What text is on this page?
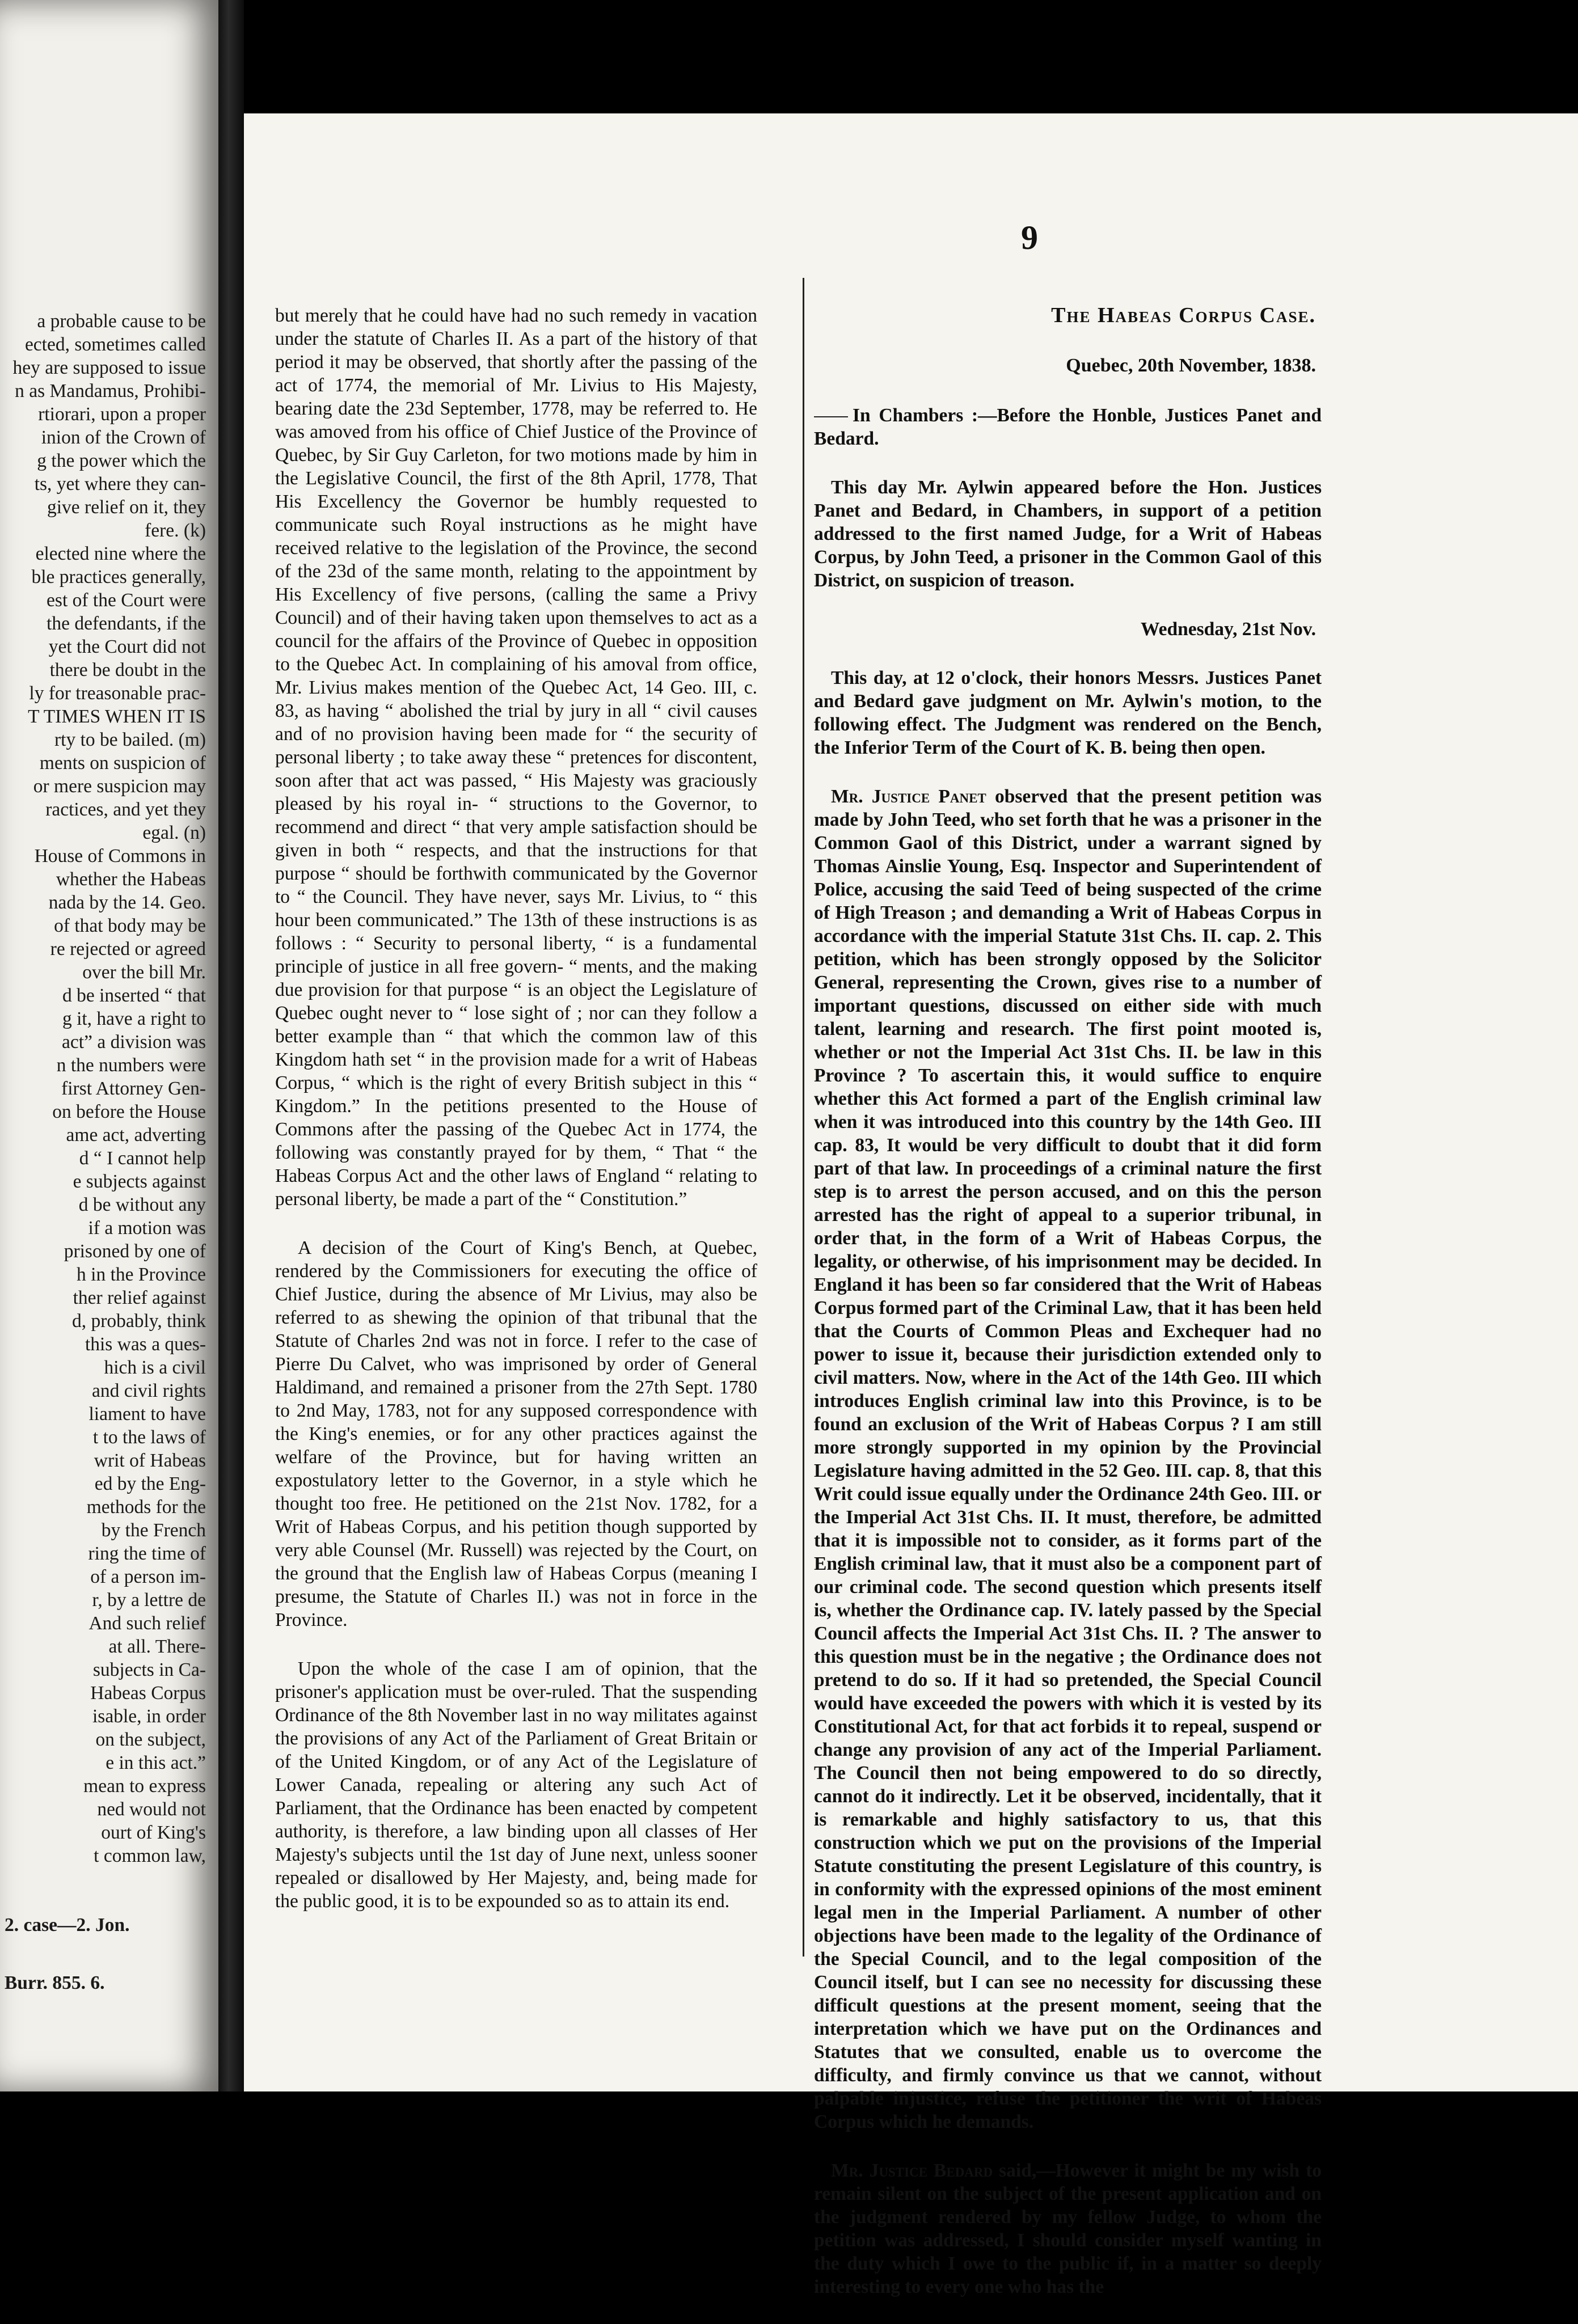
a probable cause to be
ected, sometimes called
hey are supposed to issue
n as Mandamus, Prohibi-
rtiorari, upon a proper
inion of the Crown of
g the power which the
ts, yet where they can-
give relief on it, they
fere. (k)
elected nine where the
ble practices generally,
est of the Court were
the defendants, if the
yet the Court did not
there be doubt in the
ly for treasonable prac-
T TIMES WHEN IT IS
rty to be bailed. (m)
ments on suspicion of
or mere suspicion may
ractices, and yet they
egal. (n)
House of Commons in
whether the Habeas
nada by the 14. Geo.
of that body may be
re rejected or agreed
over the bill Mr.
d be inserted “ that
g it, have a right to
act” a division was
n the numbers were
first Attorney Gen-
on before the House
ame act, adverting
d “ I cannot help
e subjects against
d be without any
if a motion was
prisoned by one of
h in the Province
ther relief against
d, probably, think
this was a ques-
hich is a civil
and civil rights
liament to have
t to the laws of
writ of Habeas
ed by the Eng-
methods for the
by the French
ring the time of
of a person im-
r, by a lettre de
And such relief
at all. There-
subjects in Ca-
Habeas Corpus
isable, in order
on the subject,
e in this act.”
mean to express
ned would not
ourt of King's
t common law,

2. case—2. Jon.

Burr. 855. 6.

9

but merely that he could have had no such remedy in vacation under the statute of Charles II. As a part of the history of that period it may be observed, that shortly after the passing of the act of 1774, the memorial of Mr. Livius to His Majesty, bearing date the 23d September, 1778, may be referred to. He was amoved from his office of Chief Justice of the Province of Quebec, by Sir Guy Carleton, for two motions made by him in the Legislative Council, the first of the 8th April, 1778, That His Excellency the Governor be humbly requested to communicate such Royal instructions as he might have received relative to the legislation of the Province, the second of the 23d of the same month, relating to the appointment by His Excellency of five persons, (calling the same a Privy Council) and of their having taken upon themselves to act as a council for the affairs of the Province of Quebec in opposition to the Quebec Act. In complaining of his amoval from office, Mr. Livius makes mention of the Quebec Act, 14 Geo. III, c. 83, as having “ abolished the trial by jury in all “ civil causes and of no provision having been made for “ the security of personal liberty ; to take away these “ pretences for discontent, soon after that act was passed, “ His Majesty was graciously pleased by his royal in- “ structions to the Governor, to recommend and direct “ that very ample satisfaction should be given in both “ respects, and that the instructions for that purpose “ should be forthwith communicated by the Governor to “ the Council. They have never, says Mr. Livius, to “ this hour been communicated.” The 13th of these instructions is as follows : “ Security to personal liberty, “ is a fundamental principle of justice in all free govern- “ ments, and the making due provision for that purpose “ is an object the Legislature of Quebec ought never to “ lose sight of ; nor can they follow a better example than “ that which the common law of this Kingdom hath set “ in the provision made for a writ of Habeas Corpus, “ which is the right of every British subject in this “ Kingdom.” In the petitions presented to the House of Commons after the passing of the Quebec Act in 1774, the following was constantly prayed for by them, “ That “ the Habeas Corpus Act and the other laws of England “ relating to personal liberty, be made a part of the “ Constitution.”

A decision of the Court of King's Bench, at Quebec, rendered by the Commissioners for executing the office of Chief Justice, during the absence of Mr Livius, may also be referred to as shewing the opinion of that tribunal that the Statute of Charles 2nd was not in force. I refer to the case of Pierre Du Calvet, who was imprisoned by order of General Haldimand, and remained a prisoner from the 27th Sept. 1780 to 2nd May, 1783, not for any supposed correspondence with the King's enemies, or for any other practices against the welfare of the Province, but for having written an expostulatory letter to the Governor, in a style which he thought too free. He petitioned on the 21st Nov. 1782, for a Writ of Habeas Corpus, and his petition though supported by very able Counsel (Mr. Russell) was rejected by the Court, on the ground that the English law of Habeas Corpus (meaning I presume, the Statute of Charles II.) was not in force in the Province.

Upon the whole of the case I am of opinion, that the prisoner's application must be over-ruled. That the suspending Ordinance of the 8th November last in no way militates against the provisions of any Act of the Parliament of Great Britain or of the United Kingdom, or of any Act of the Legislature of Lower Canada, repealing or altering any such Act of Parliament, that the Ordinance has been enacted by competent authority, is therefore, a law binding upon all classes of Her Majesty's subjects until the 1st day of June next, unless sooner repealed or disallowed by Her Majesty, and, being made for the public good, it is to be expounded so as to attain its end.

The Habeas Corpus Case.

Quebec, 20th November, 1838.

In Chambers :—Before the Honble, Justices Panet and Bedard.

This day Mr. Aylwin appeared before the Hon. Justices Panet and Bedard, in Chambers, in support of a petition addressed to the first named Judge, for a Writ of Habeas Corpus, by John Teed, a prisoner in the Common Gaol of this District, on suspicion of treason.

Wednesday, 21st Nov.

This day, at 12 o'clock, their honors Messrs. Justices Panet and Bedard gave judgment on Mr. Aylwin's motion, to the following effect. The Judgment was rendered on the Bench, the Inferior Term of the Court of K. B. being then open.

Mr. Justice Panet observed that the present petition was made by John Teed, who set forth that he was a prisoner in the Common Gaol of this District, under a warrant signed by Thomas Ainslie Young, Esq. Inspector and Superintendent of Police, accusing the said Teed of being suspected of the crime of High Treason ; and demanding a Writ of Habeas Corpus in accordance with the imperial Statute 31st Chs. II. cap. 2. This petition, which has been strongly opposed by the Solicitor General, representing the Crown, gives rise to a number of important questions, discussed on either side with much talent, learning and research. The first point mooted is, whether or not the Imperial Act 31st Chs. II. be law in this Province ? To ascertain this, it would suffice to enquire whether this Act formed a part of the English criminal law when it was introduced into this country by the 14th Geo. III cap. 83, It would be very difficult to doubt that it did form part of that law. In proceedings of a criminal nature the first step is to arrest the person accused, and on this the person arrested has the right of appeal to a superior tribunal, in order that, in the form of a Writ of Habeas Corpus, the legality, or otherwise, of his imprisonment may be decided. In England it has been so far considered that the Writ of Habeas Corpus formed part of the Criminal Law, that it has been held that the Courts of Common Pleas and Exchequer had no power to issue it, because their jurisdiction extended only to civil matters. Now, where in the Act of the 14th Geo. III which introduces English criminal law into this Province, is to be found an exclusion of the Writ of Habeas Corpus ? I am still more strongly supported in my opinion by the Provincial Legislature having admitted in the 52 Geo. III. cap. 8, that this Writ could issue equally under the Ordinance 24th Geo. III. or the Imperial Act 31st Chs. II. It must, therefore, be admitted that it is impossible not to consider, as it forms part of the English criminal law, that it must also be a component part of our criminal code. The second question which presents itself is, whether the Ordinance cap. IV. lately passed by the Special Council affects the Imperial Act 31st Chs. II. ? The answer to this question must be in the negative ; the Ordinance does not pretend to do so. If it had so pretended, the Special Council would have exceeded the powers with which it is vested by its Constitutional Act, for that act forbids it to repeal, suspend or change any provision of any act of the Imperial Parliament. The Council then not being empowered to do so directly, cannot do it indirectly. Let it be observed, incidentally, that it is remarkable and highly satisfactory to us, that this construction which we put on the provisions of the Imperial Statute constituting the present Legislature of this country, is in conformity with the expressed opinions of the most eminent legal men in the Imperial Parliament. A number of other objections have been made to the legality of the Ordinance of the Special Council, and to the legal composition of the Council itself, but I can see no necessity for discussing these difficult questions at the present moment, seeing that the interpretation which we have put on the Ordinances and Statutes that we consulted, enable us to overcome the difficulty, and firmly convince us that we cannot, without palpable injustice, refuse the petitioner the writ of Habeas Corpus which he demands.

Mr. Justice Bedard said,—However it might be my wish to remain silent on the subject of the present application and on the judgment rendered by my fellow Judge, to whom the petition was addressed, I should consider myself wanting in the duty which I owe to the public if, in a matter so deeply interesting to every one who has the
